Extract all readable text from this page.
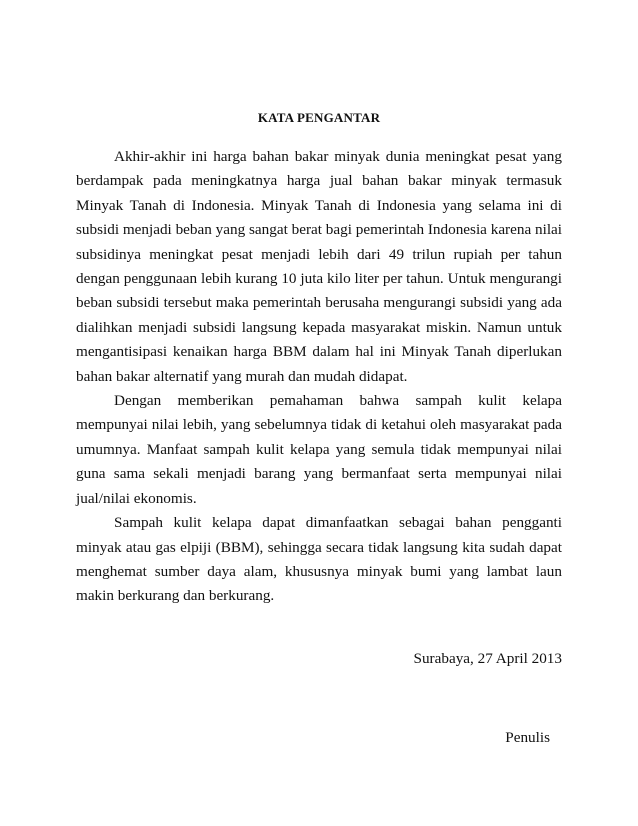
KATA PENGANTAR

Akhir-akhir ini harga bahan bakar minyak dunia meningkat pesat yang berdampak pada meningkatnya harga jual bahan bakar minyak termasuk Minyak Tanah di Indonesia. Minyak Tanah di Indonesia yang selama ini di subsidi menjadi beban yang sangat berat bagi pemerintah Indonesia karena nilai subsidinya meningkat pesat menjadi lebih dari 49 trilun rupiah per tahun dengan penggunaan lebih kurang 10 juta kilo liter per tahun. Untuk mengurangi beban subsidi tersebut maka pemerintah berusaha mengurangi subsidi yang ada dialihkan menjadi subsidi langsung kepada masyarakat miskin. Namun untuk mengantisipasi kenaikan harga BBM dalam hal ini Minyak Tanah diperlukan bahan bakar alternatif yang murah dan mudah didapat.

Dengan memberikan pemahaman bahwa sampah kulit kelapa mempunyai nilai lebih, yang sebelumnya tidak di ketahui oleh masyarakat pada umumnya. Manfaat sampah kulit kelapa yang semula tidak mempunyai nilai guna sama sekali menjadi barang yang bermanfaat serta mempunyai nilai jual/nilai ekonomis.

Sampah kulit kelapa dapat dimanfaatkan sebagai bahan pengganti minyak atau gas elpiji (BBM), sehingga secara tidak langsung kita sudah dapat menghemat sumber daya alam, khususnya minyak bumi yang lambat laun makin berkurang dan berkurang.

Surabaya, 27 April 2013
Penulis
